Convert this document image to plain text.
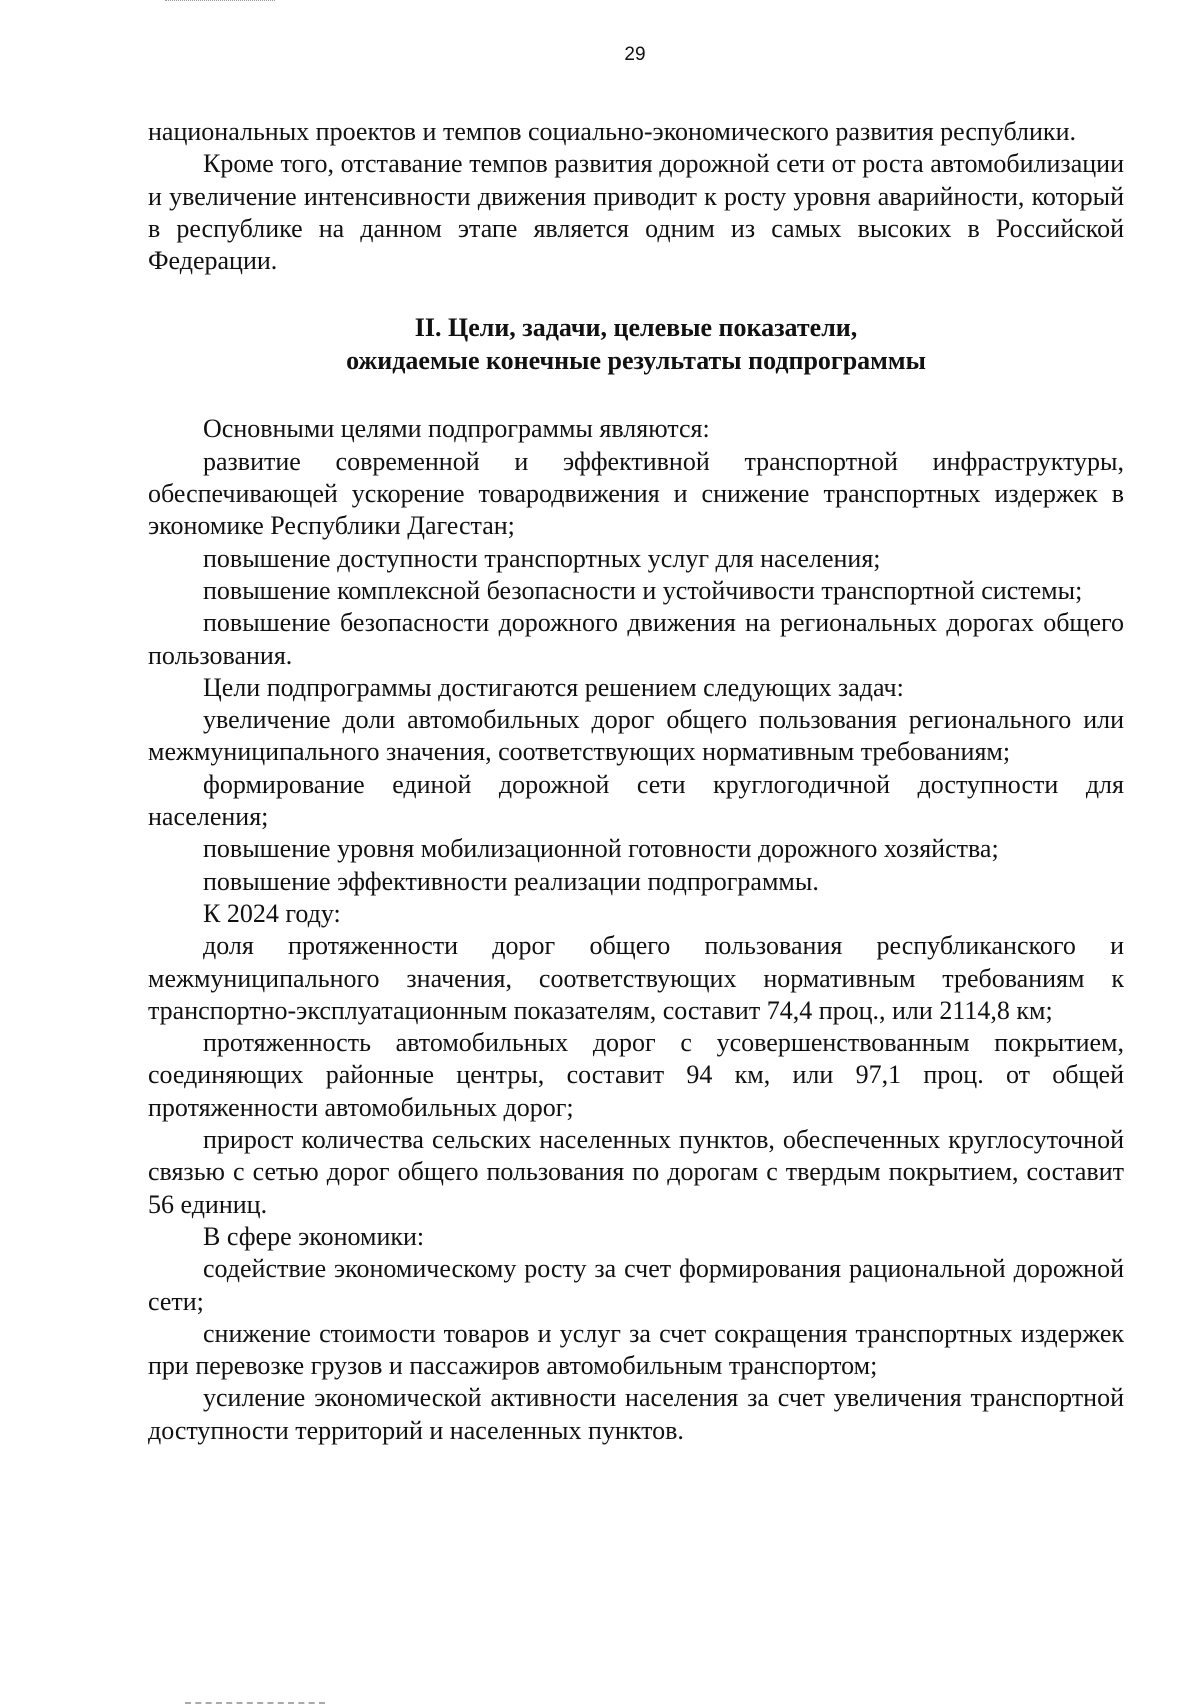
29

национальных проектов и темпов социально-экономического развития республики.

Кроме того, отставание темпов развития дорожной сети от роста автомобилизации и увеличение интенсивности движения приводит к росту уровня аварийности, который в республике на данном этапе является одним из самых высоких в Российской Федерации.

II. Цели, задачи, целевые показатели,
ожидаемые конечные результаты подпрограммы

Основными целями подпрограммы являются:

развитие современной и эффективной транспортной инфраструктуры, обеспечивающей ускорение товародвижения и снижение транспортных издержек в экономике Республики Дагестан;

повышение доступности транспортных услуг для населения;

повышение комплексной безопасности и устойчивости транспортной системы;

повышение безопасности дорожного движения на региональных дорогах общего пользования.

Цели подпрограммы достигаются решением следующих задач:

увеличение доли автомобильных дорог общего пользования регионального или межмуниципального значения, соответствующих нормативным требованиям;

формирование единой дорожной сети круглогодичной доступности для населения;

повышение уровня мобилизационной готовности дорожного хозяйства;

повышение эффективности реализации подпрограммы.

К 2024 году:

доля протяженности дорог общего пользования республиканского и межмуниципального значения, соответствующих нормативным требованиям к транспортно-эксплуатационным показателям, составит 74,4 проц., или 2114,8 км;

протяженность автомобильных дорог с усовершенствованным покрытием, соединяющих районные центры, составит 94 км, или 97,1 проц. от общей протяженности автомобильных дорог;

прирост количества сельских населенных пунктов, обеспеченных круглосуточной связью с сетью дорог общего пользования по дорогам с твердым покрытием, составит 56 единиц.

В сфере экономики:

содействие экономическому росту за счет формирования рациональной дорожной сети;

снижение стоимости товаров и услуг за счет сокращения транспортных издержек при перевозке грузов и пассажиров автомобильным транспортом;

усиление экономической активности населения за счет увеличения транспортной доступности территорий и населенных пунктов.
